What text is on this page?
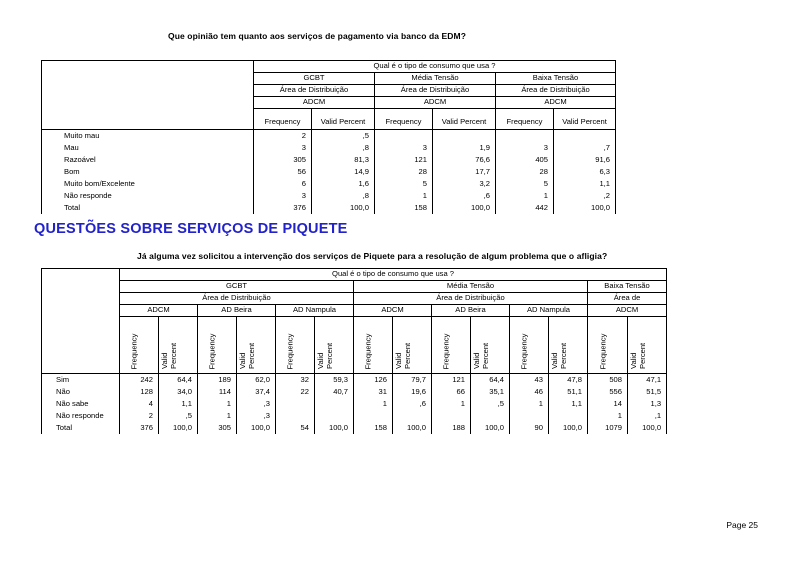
Que opinião tem quanto aos serviços de pagamento via banco da EDM?
	Qual é o tipo de consumo que usa ?					
	GCBT		Média Tensão		Baixa Tensão	
	Área de Distribuição		Área de Distribuição		Área de Distribuição	
	ADCM		ADCM		ADCM	
	Frequency	Valid Percent	Frequency	Valid Percent	Frequency	Valid Percent
Muito mau	2	,5				
Mau	3	,8	3	1,9	3	,7
Razoável	305	81,3	121	76,6	405	91,6
Bom	56	14,9	28	17,7	28	6,3
Muito bom/Excelente	6	1,6	5	3,2	5	1,1
Não responde	3	,8	1	,6	1	,2
Total	376	100,0	158	100,0	442	100,0
QUESTÕES SOBRE SERVIÇOS DE PIQUETE
Já alguma vez solicitou a intervenção dos serviços de Piquete para a resolução de algum problema que o afligia?
	Qual é o tipo de consumo que usa ?													
	GCBT						Média Tensão						Baixa Tensão	
	Área de Distribuição						Área de Distribuição						Área de	
	ADCM		AD Beira		AD Nampula		ADCM		AD Beira		AD Nampula		ADCM	

	Frequency	Valid Percent	Frequency	Valid Percent	Frequency	Valid Percent	Frequency	Valid Percent	Frequency	Valid Percent	Frequency	Valid Percent	Frequency	Valid Percent

Sim	242	64,4	189	62,0	32	59,3	126	79,7	121	64,4	43	47,8	508	47,1
Não	128	34,0	114	37,4	22	40,7	31	19,6	66	35,1	46	51,1	556	51,5
Não sabe	4	1,1	1	,3			1	,6	1	,5	1	1,1	14	1,3
Não responde	2	,5	1	,3									1	,1
Total	376	100,0	305	100,0	54	100,0	158	100,0	188	100,0	90	100,0	1079	100,0
Page 25
